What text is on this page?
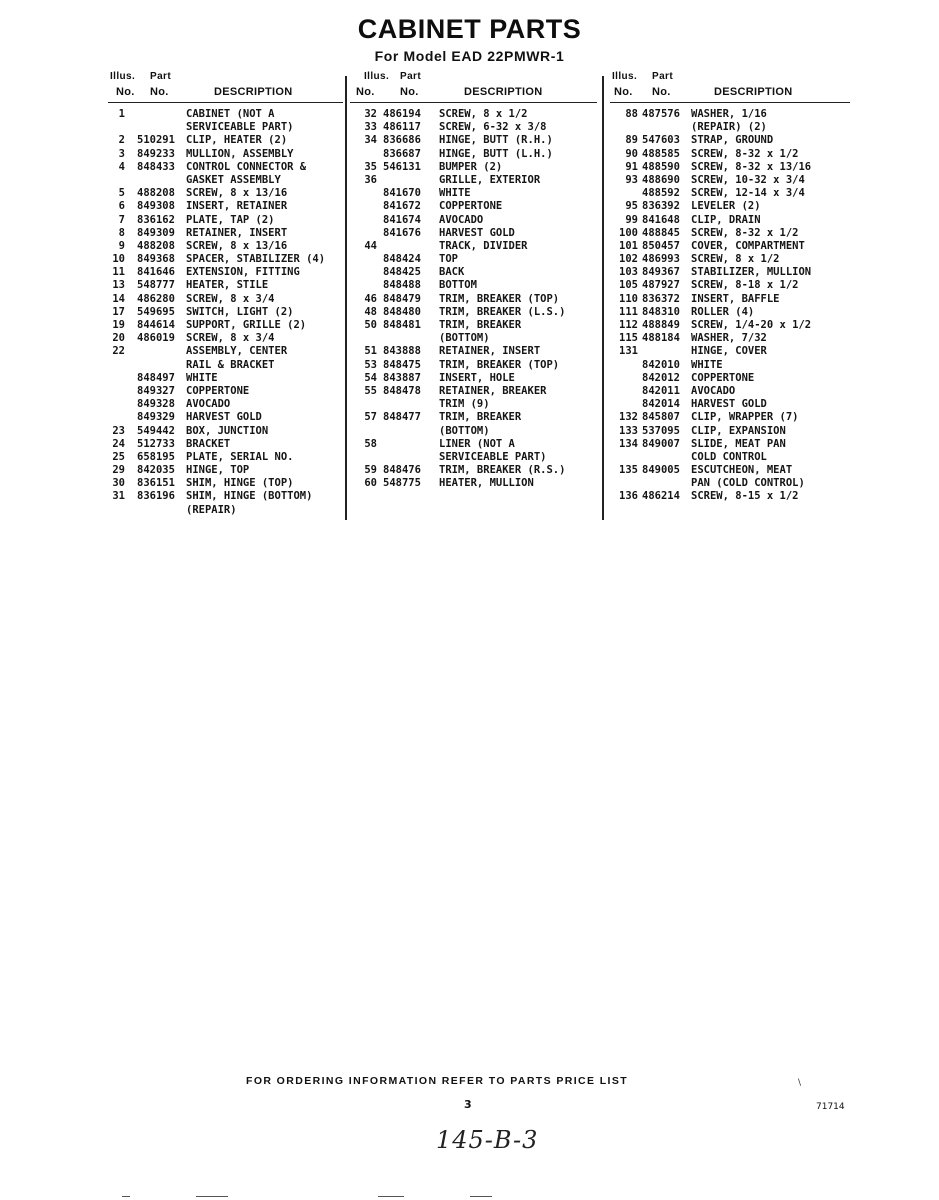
CABINET PARTS
For Model EAD 22PMWR-1
Illus. Part
No. No.	DESCRIPTION
1	CABINET (NOT A
SERVICEABLE PART)
2 510291 CLIP, HEATER (2)
3 849233 MULLION, ASSEMBLY
4 848433 CONTROL CONNECTOR &
GASKET ASSEMBLY
5 488208 SCREW, 8 x 13/16
6 849308 INSERT, RETAINER
7 836162 PLATE, TAP (2)
8 849309 RETAINER, INSERT
9 488208 SCREW, 8 x 13/16
10 849368 SPACER, STABILIZER (4)
11 841646 EXTENSION, FITTING
13 548777 HEATER, STILE
14 486280 SCREW, 8 x 3/4
17 549695 SWITCH, LIGHT (2)
19 844614 SUPPORT, GRILLE (2)
20 486019 SCREW, 8 x 3/4
22	ASSEMBLY, CENTER
RAIL & BRACKET
848497 WHITE
849327 COPPERTONE
849328 AVOCADO
849329 HARVEST GOLD
23 549442 BOX, JUNCTION
24 512733 BRACKET
25 658195 PLATE, SERIAL NO.
29 842035 HINGE, TOP
30 836151 SHIM, HINGE (TOP)
31 836196 SHIM, HINGE (BOTTOM)
(REPAIR)
Illus. Part
No. No.	DESCRIPTION
32 486194 SCREW, 8 x 1/2
33 486117 SCREW, 6-32 x 3/8
34 836686 HINGE, BUTT (R.H.)
836687 HINGE, BUTT (L.H.)
35 546131 BUMPER (2)
36	GRILLE, EXTERIOR
841670 WHITE
841672 COPPERTONE
841674 AVOCADO
841676 HARVEST GOLD
44	TRACK, DIVIDER
848424 TOP
848425 BACK
848488 BOTTOM
46 848479 TRIM, BREAKER (TOP)
48 848480 TRIM, BREAKER (L.S.)
50 848481 TRIM, BREAKER
(BOTTOM)
51 843888 RETAINER, INSERT
53 848475 TRIM, BREAKER (TOP)
54 843887 INSERT, HOLE
55 848478 RETAINER, BREAKER
TRIM (9)
57 848477 TRIM, BREAKER
(BOTTOM)
58	LINER (NOT A
SERVICEABLE PART)
59 848476 TRIM, BREAKER (R.S.)
60 548775 HEATER, MULLION
Illus. Part
No. No.	DESCRIPTION
88 487576 WASHER, 1/16
(REPAIR) (2)
89 547603 STRAP, GROUND
90 488585 SCREW, 8-32 x 1/2
91 488590 SCREW, 8-32 x 13/16
93 488690 SCREW, 10-32 x 3/4
488592 SCREW, 12-14 x 3/4
95 836392 LEVELER (2)
99 841648 CLIP, DRAIN
100 488845 SCREW, 8-32 x 1/2
101 850457 COVER, COMPARTMENT
102 486993 SCREW, 8 x 1/2
103 849367 STABILIZER, MULLION
105 487927 SCREW, 8-18 x 1/2
110 836372 INSERT, BAFFLE
111 848310 ROLLER (4)
112 488849 SCREW, 1/4-20 x 1/2
115 488184 WASHER, 7/32
131	HINGE, COVER
842010 WHITE
842012 COPPERTONE
842011 AVOCADO
842014 HARVEST GOLD
132 845807 CLIP, WRAPPER (7)
133 537095 CLIP, EXPANSION
134 849007 SLIDE, MEAT PAN
COLD CONTROL
135 849005 ESCUTCHEON, MEAT
PAN (COLD CONTROL)
136 486214 SCREW, 8-15 x 1/2
FOR ORDERING INFORMATION REFER TO PARTS PRICE LIST	\
3	71714
145-B-3
